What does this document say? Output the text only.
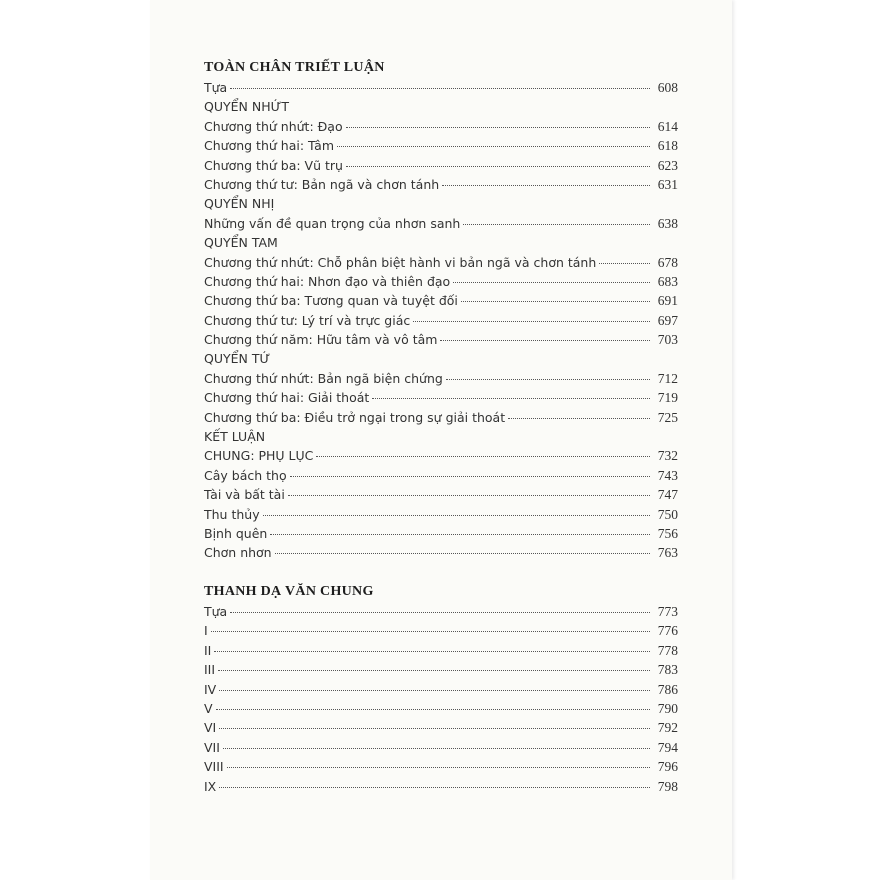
TOÀN CHÂN TRIẾT LUẬN
Tựa	608
QUYỂN NHỨT
Chương thứ nhứt: Đạo	614
Chương thứ hai: Tâm	618
Chương thứ ba: Vũ trụ	623
Chương thứ tư: Bản ngã và chơn tánh	631
QUYỂN NHỊ
Những vấn đề quan trọng của nhơn sanh	638
QUYỂN TAM
Chương thứ nhứt: Chỗ phân biệt hành vi bản ngã và chơn tánh	678
Chương thứ hai: Nhơn đạo và thiên đạo	683
Chương thứ ba: Tương quan và tuyệt đối	691
Chương thứ tư: Lý trí và trực giác	697
Chương thứ năm: Hữu tâm và vô tâm	703
QUYỂN TỨ
Chương thứ nhứt: Bản ngã biện chứng	712
Chương thứ hai: Giải thoát	719
Chương thứ ba: Điều trở ngại trong sự giải thoát	725
KẾT LUẬN
CHUNG: PHỤ LỤC	732
Cây bách thọ	743
Tài và bất tài	747
Thu thủy	750
Bịnh quên	756
Chơn nhơn	763
THANH DẠ VĂN CHUNG
Tựa	773
I	776
II	778
III	783
IV	786
V	790
VI	792
VII	794
VIII	796
IX	798
